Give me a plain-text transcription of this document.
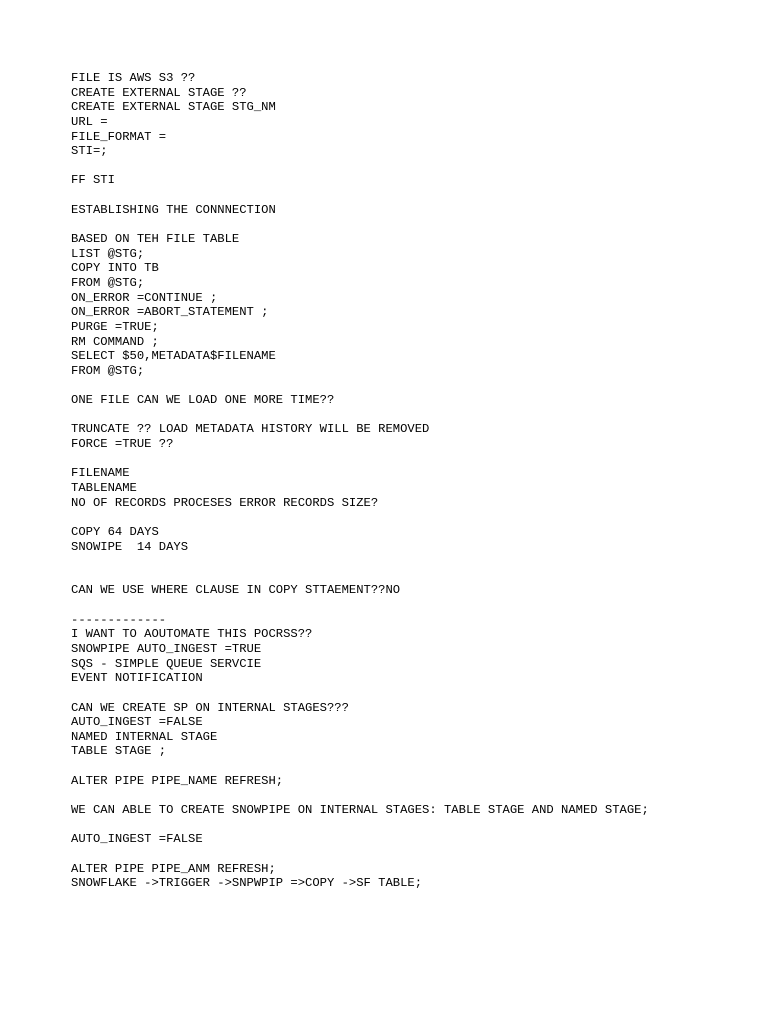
FILE IS AWS S3 ??
CREATE EXTERNAL STAGE ??
CREATE EXTERNAL STAGE STG_NM
URL =
FILE_FORMAT =
STI=;

FF STI

ESTABLISHING THE CONNNECTION

BASED ON TEH FILE TABLE
LIST @STG;
COPY INTO TB
FROM @STG;
ON_ERROR =CONTINUE ;
ON_ERROR =ABORT_STATEMENT ;
PURGE =TRUE;
RM COMMAND ;
SELECT $50,METADATA$FILENAME
FROM @STG;

ONE FILE CAN WE LOAD ONE MORE TIME??

TRUNCATE ?? LOAD METADATA HISTORY WILL BE REMOVED
FORCE =TRUE ??

FILENAME
TABLENAME
NO OF RECORDS PROCESES ERROR RECORDS SIZE?

COPY 64 DAYS
SNOWIPE  14 DAYS

CAN WE USE WHERE CLAUSE IN COPY STTAEMENT??NO

-------------
I WANT TO AOUTOMATE THIS POCRSS??
SNOWPIPE AUTO_INGEST =TRUE
SQS - SIMPLE QUEUE SERVCIE
EVENT NOTIFICATION

CAN WE CREATE SP ON INTERNAL STAGES???
AUTO_INGEST =FALSE
NAMED INTERNAL STAGE
TABLE STAGE ;

ALTER PIPE PIPE_NAME REFRESH;

WE CAN ABLE TO CREATE SNOWPIPE ON INTERNAL STAGES: TABLE STAGE AND NAMED STAGE;

AUTO_INGEST =FALSE

ALTER PIPE PIPE_ANM REFRESH;
SNOWFLAKE ->TRIGGER ->SNPWPIP =>COPY ->SF TABLE;
